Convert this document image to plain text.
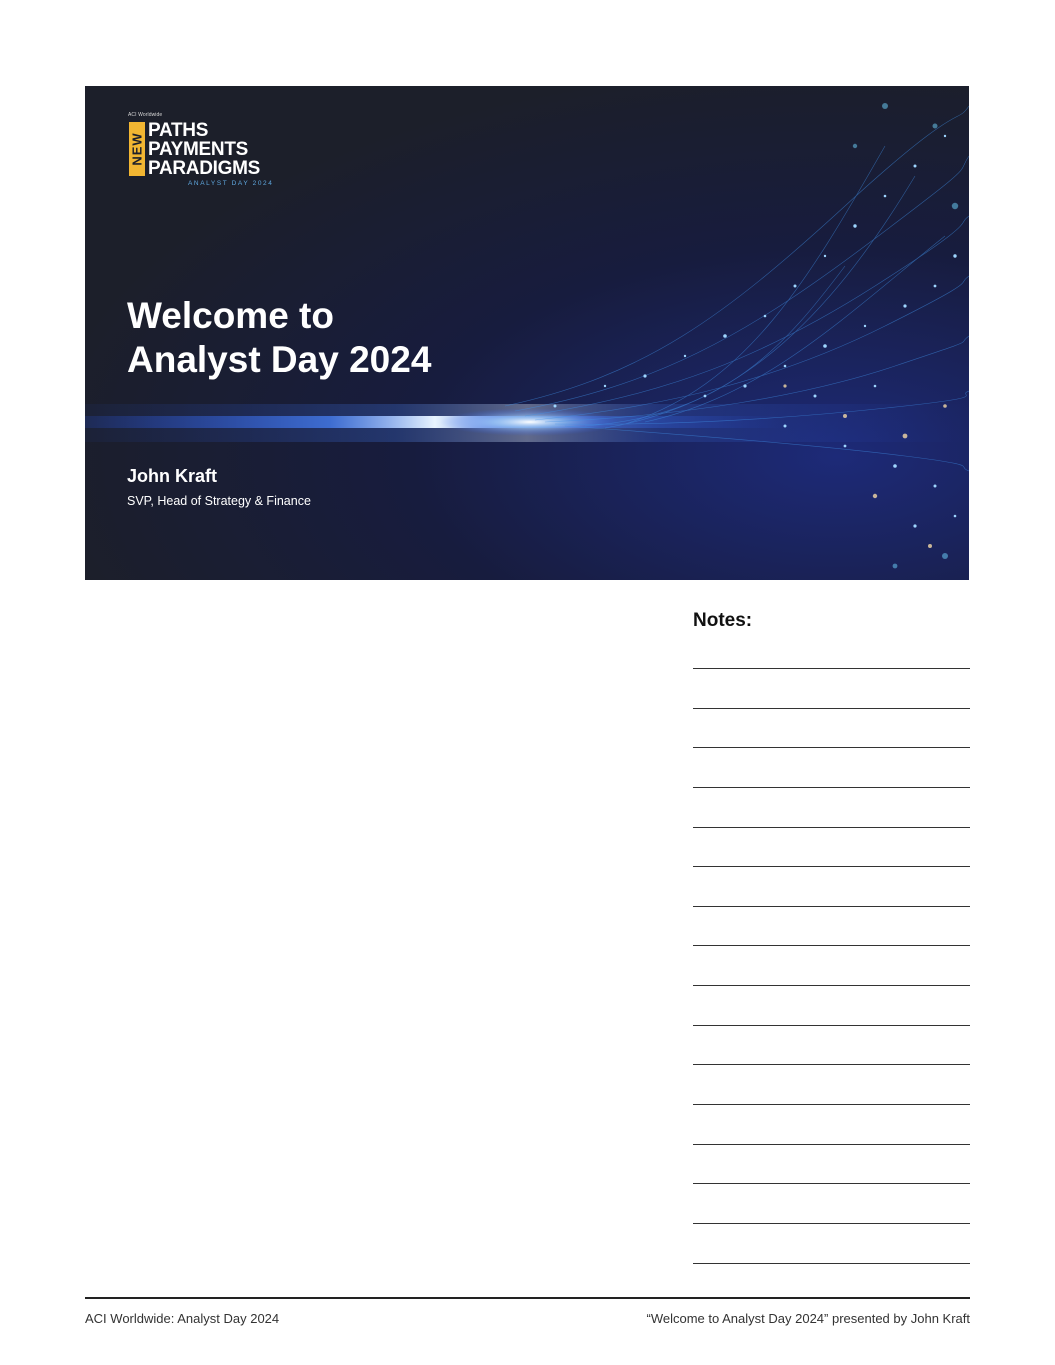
ACI Worldwide
NEW
PATHS
PAYMENTS
PARADIGMS
ANALYST DAY 2024
Welcome to
Analyst Day 2024
John Kraft
SVP, Head of Strategy & Finance
Notes:
ACI Worldwide: Analyst Day 2024	“Welcome to Analyst Day 2024” presented by John Kraft
